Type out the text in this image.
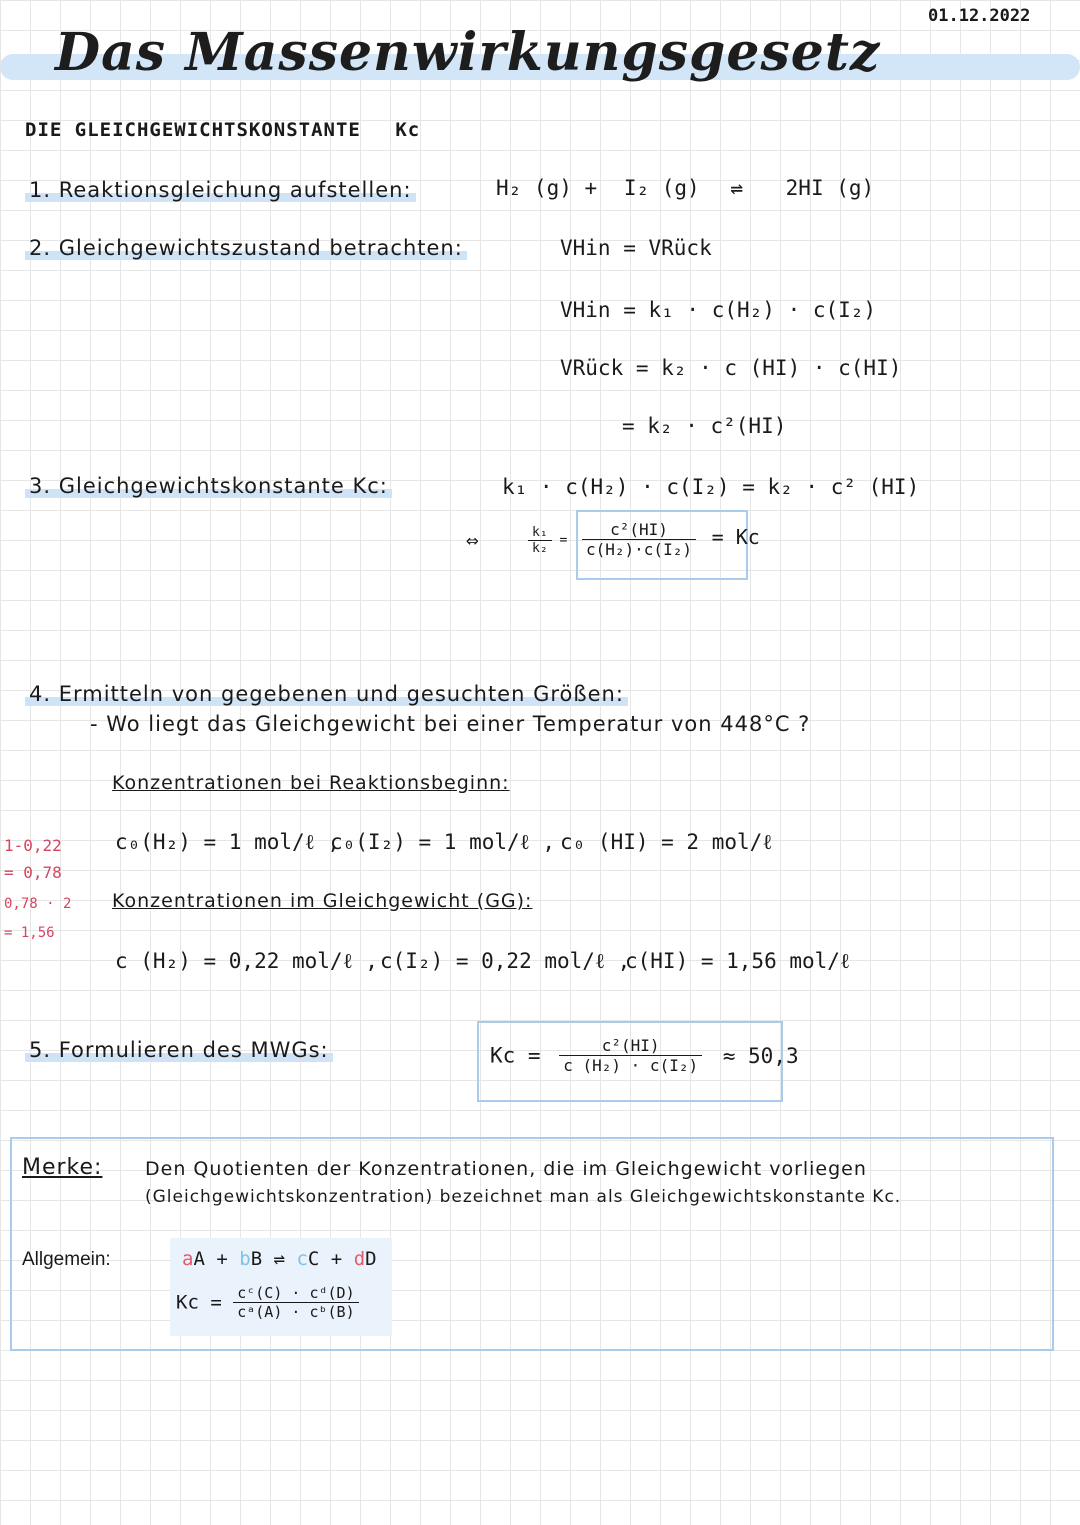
01.12.2022
Das Massenwirkungsgesetz
DIE GLEICHGEWICHTSKONSTANTE Kc
1. Reaktionsgleichung aufstellen:	H₂ (g) + I₂ (g) ⇌ 2HI (g)
2. Gleichgewichtszustand betrachten:	VHin = VRück
VHin = k₁ · c(H₂) · c(I₂)
VRück = k₂ · c (HI) · c(HI)
= k₂ · c²(HI)
3. Gleichgewichtskonstante Kc:	k₁ · c(H₂) · c(I₂) = k₂ · c² (HI)
⇔	$\frac{\text{k₁}}{\text{k₂}} = \frac{\text{c²(HI)}}{\text{c(H₂)·c(I₂)}} = Kc$
4. Ermitteln von gegebenen und gesuchten Größen:
- Wo liegt das Gleichgewicht bei einer Temperatur von 448°C ?
Konzentrationen bei Reaktionsbeginn:
c₀(H₂) = 1 mol/ℓ ,
c₀(I₂) = 1 mol/ℓ , c₀ (HI) = 2 mol/ℓ
Konzentrationen im Gleichgewicht (GG):
c (H₂) = 0,22 mol/ℓ , c(I₂) = 0,22 mol/ℓ ,
c(HI) = 1,56 mol/ℓ
1-0,22
= 0,78
0,78 · 2
= 1,56
5. Formulieren des MWGs:	$Kc = \frac{\text{c²(HI)}}{\text{c (H₂) · c(I₂)}} \approx 50,3$
Merke: Den Quotienten der Konzentrationen, die im Gleichgewicht vorliegen
(Gleichgewichtskonzentration) bezeichnet man als Gleichgewichtskonstante Kc.
Allgemein:	aA + bB ⇌ cC + dD
$Kc = \frac{\text{cᶜ(C) · cᵈ(D)}}{\text{cᵃ(A) · cᵇ(B)}}$
